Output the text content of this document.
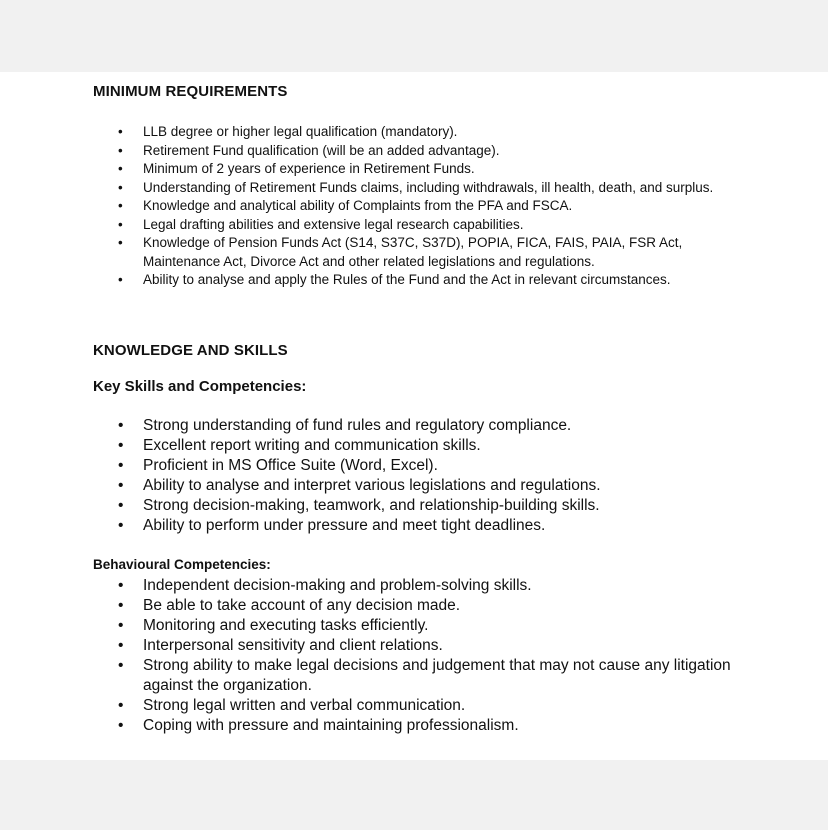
MINIMUM REQUIREMENTS
• LLB degree or higher legal qualification (mandatory).
• Retirement Fund qualification (will be an added advantage).
• Minimum of 2 years of experience in Retirement Funds.
• Understanding of Retirement Funds claims, including withdrawals, ill health, death, and surplus.
• Knowledge and analytical ability of Complaints from the PFA and FSCA.
• Legal drafting abilities and extensive legal research capabilities.
• Knowledge of Pension Funds Act (S14, S37C, S37D), POPIA, FICA, FAIS, PAIA, FSR Act, Maintenance Act, Divorce Act and other related legislations and regulations.
• Ability to analyse and apply the Rules of the Fund and the Act in relevant circumstances.
KNOWLEDGE AND SKILLS
Key Skills and Competencies:
• Strong understanding of fund rules and regulatory compliance.
• Excellent report writing and communication skills.
• Proficient in MS Office Suite (Word, Excel).
• Ability to analyse and interpret various legislations and regulations.
• Strong decision-making, teamwork, and relationship-building skills.
• Ability to perform under pressure and meet tight deadlines.
Behavioural Competencies:
• Independent decision-making and problem-solving skills.
• Be able to take account of any decision made.
• Monitoring and executing tasks efficiently.
• Interpersonal sensitivity and client relations.
• Strong ability to make legal decisions and judgement that may not cause any litigation against the organization.
• Strong legal written and verbal communication.
• Coping with pressure and maintaining professionalism.
